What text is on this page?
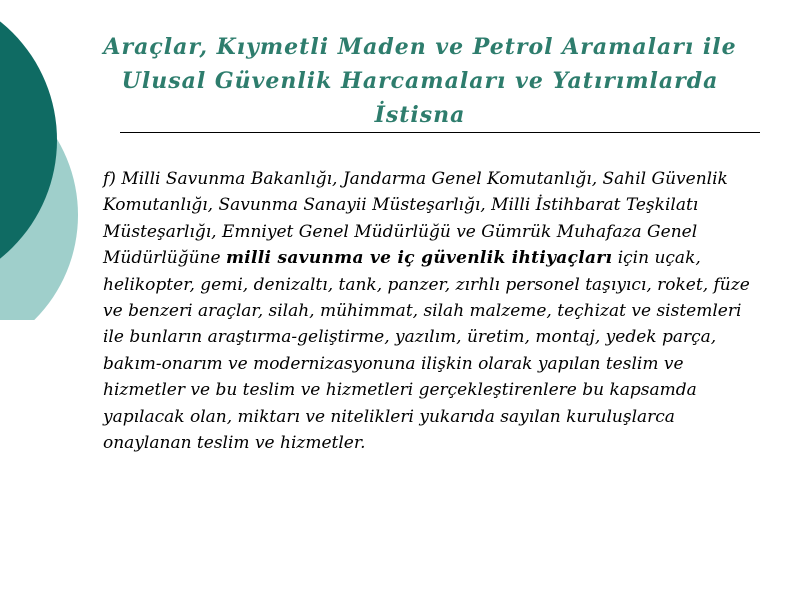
Araçlar, Kıymetli Maden ve Petrol Aramaları ile Ulusal Güvenlik Harcamaları ve Yatırımlarda İstisna
f) Milli Savunma Bakanlığı, Jandarma Genel Komutanlığı, Sahil Güvenlik Komutanlığı, Savunma Sanayii Müsteşarlığı, Milli İstihbarat Teşkilatı Müsteşarlığı, Emniyet Genel Müdürlüğü ve Gümrük Muhafaza Genel Müdürlüğüne milli savunma ve iç güvenlik ihtiyaçları için uçak, helikopter, gemi, denizaltı, tank, panzer, zırhlı personel taşıyıcı, roket, füze ve benzeri araçlar, silah, mühimmat, silah malzeme, teçhizat ve sistemleri ile bunların araştırma-geliştirme, yazılım, üretim, montaj, yedek parça, bakım-onarım ve modernizasyonuna ilişkin olarak yapılan teslim ve hizmetler ve bu teslim ve hizmetleri gerçekleştirenlere bu kapsamda yapılacak olan, miktarı ve nitelikleri yukarıda sayılan kuruluşlarca onaylanan teslim ve hizmetler.
